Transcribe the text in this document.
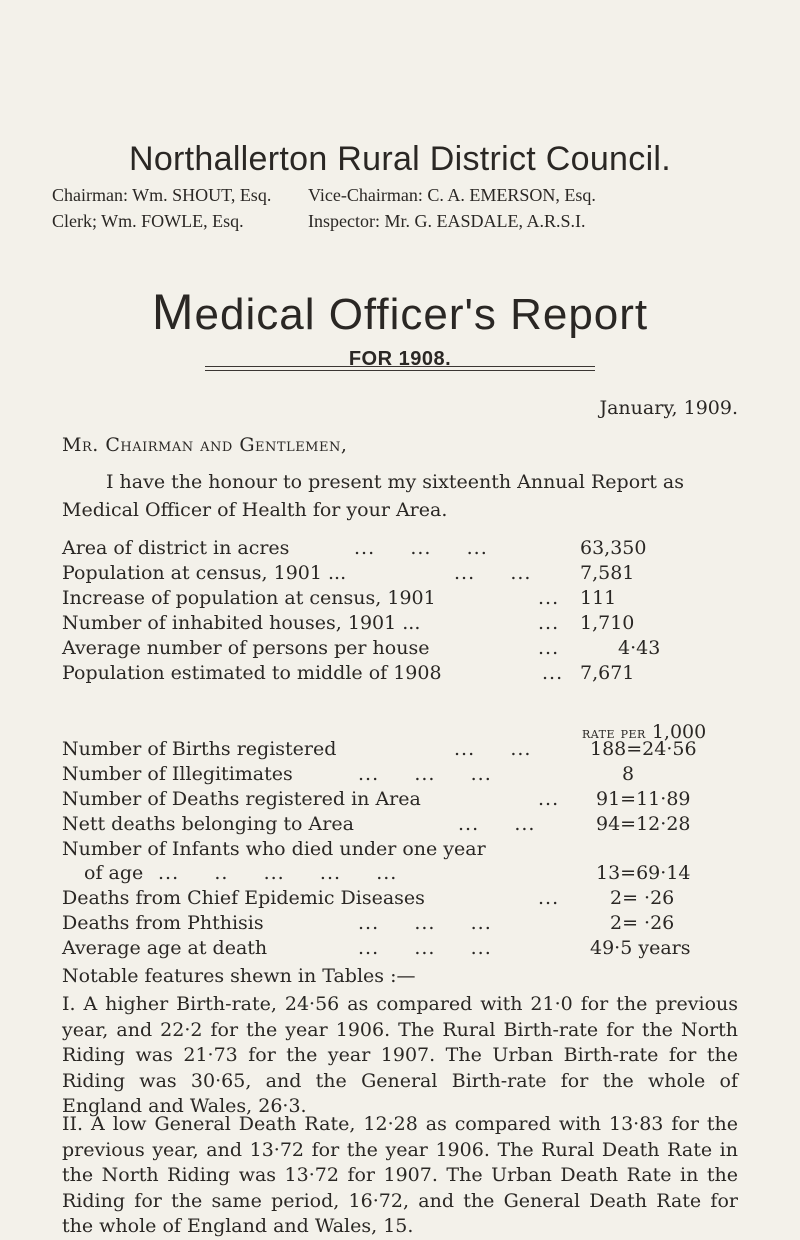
Northallerton Rural District Council.
Chairman: Wm. SHOUT, Esq. Vice-Chairman: C. A. EMERSON, Esq.
Clerk; Wm. FOWLE, Esq.	Inspector: Mr. G. EASDALE, A.R.S.I.
Medical Officer's Report
FOR 1908.
January, 1909.
Mr. Chairman and Gentlemen,
I have the honour to present my sixteenth Annual Report as Medical Officer of Health for your Area.
Area of district in acres	...     ...     ...	63,350
Population at census, 1901 ...	...     ...	7,581
Increase of population at census, 1901	... 111
Number of inhabited houses, 1901 ...	... 1,710
Average number of persons per house	...	4·43
Population estimated to middle of 1908	... 7,671
rate per 1,000
Number of Births registered	...     ...	188=24·56
Number of Illegitimates	...     ...     ...	8
Number of Deaths registered in Area	... 91=11·89
Nett deaths belonging to Area	...     ...	94=12·28
Number of Infants who died under one year
of age ...     ..     ...     ...     ...	13=69·14
Deaths from Chief Epidemic Diseases	...	2= ·26
Deaths from Phthisis	...     ...     ...	2= ·26
Average age at death	...     ...     ...	49·5 years
Notable features shewn in Tables :—
I. A higher Birth-rate, 24·56 as compared with 21·0 for the previous year, and 22·2 for the year 1906. The Rural Birth-rate for the North Riding was 21·73 for the year 1907. The Urban Birth-rate for the Riding was 30·65, and the General Birth-rate for the whole of England and Wales, 26·3.
II. A low General Death Rate, 12·28 as compared with 13·83 for the previous year, and 13·72 for the year 1906. The Rural Death Rate in the North Riding was 13·72 for 1907. The Urban Death Rate in the Riding for the same period, 16·72, and the General Death Rate for the whole of England and Wales, 15.
